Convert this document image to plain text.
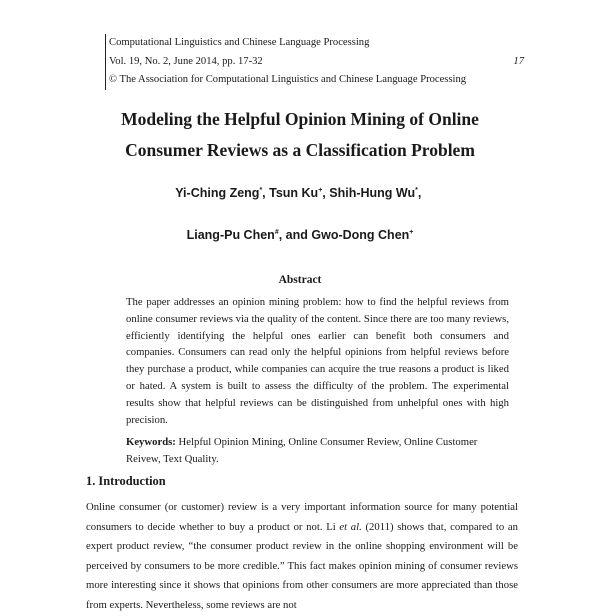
Computational Linguistics and Chinese Language Processing
Vol. 19, No. 2, June 2014, pp. 17-32	17
© The Association for Computational Linguistics and Chinese Language Processing
Modeling the Helpful Opinion Mining of Online
Consumer Reviews as a Classification Problem
Yi-Ching Zeng*, Tsun Ku+, Shih-Hung Wu*,
Liang-Pu Chen#, and Gwo-Dong Chen+
Abstract
The paper addresses an opinion mining problem: how to find the helpful reviews from online consumer reviews via the quality of the content. Since there are too many reviews, efficiently identifying the helpful ones earlier can benefit both consumers and companies. Consumers can read only the helpful opinions from helpful reviews before they purchase a product, while companies can acquire the true reasons a product is liked or hated. A system is built to assess the difficulty of the problem. The experimental results show that helpful reviews can be distinguished from unhelpful ones with high precision.
Keywords: Helpful Opinion Mining, Online Consumer Review, Online Customer Reivew, Text Quality.
1. Introduction
Online consumer (or customer) review is a very important information source for many potential consumers to decide whether to buy a product or not. Li et al. (2011) shows that, compared to an expert product review, “the consumer product review in the online shopping environment will be perceived by consumers to be more credible.” This fact makes opinion mining of consumer reviews more interesting since it shows that opinions from other consumers are more appreciated than those from experts. Nevertheless, some reviews are not
